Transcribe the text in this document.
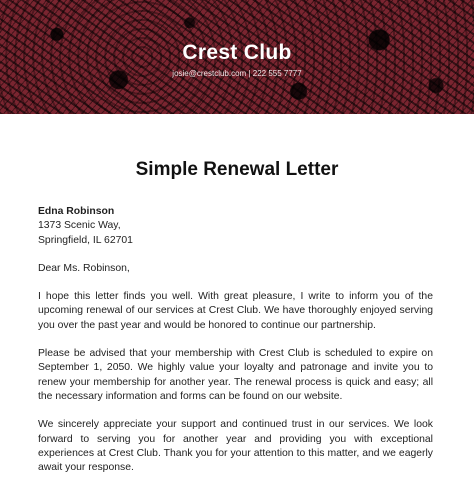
Crest Club
josie@crestclub.com | 222 555 7777
Simple Renewal Letter

Edna Robinson

1373 Scenic Way,

Springfield, IL 62701

Dear Ms. Robinson,

I hope this letter finds you well. With great pleasure, I write to inform you of the upcoming renewal of our services at Crest Club. We have thoroughly enjoyed serving you over the past year and would be honored to continue our partnership.

Please be advised that your membership with Crest Club is scheduled to expire on September 1, 2050. We highly value your loyalty and patronage and invite you to renew your membership for another year. The renewal process is quick and easy; all the necessary information and forms can be found on our website.

We sincerely appreciate your support and continued trust in our services. We look forward to serving you for another year and providing you with exceptional experiences at Crest Club. Thank you for your attention to this matter, and we eagerly await your response.
